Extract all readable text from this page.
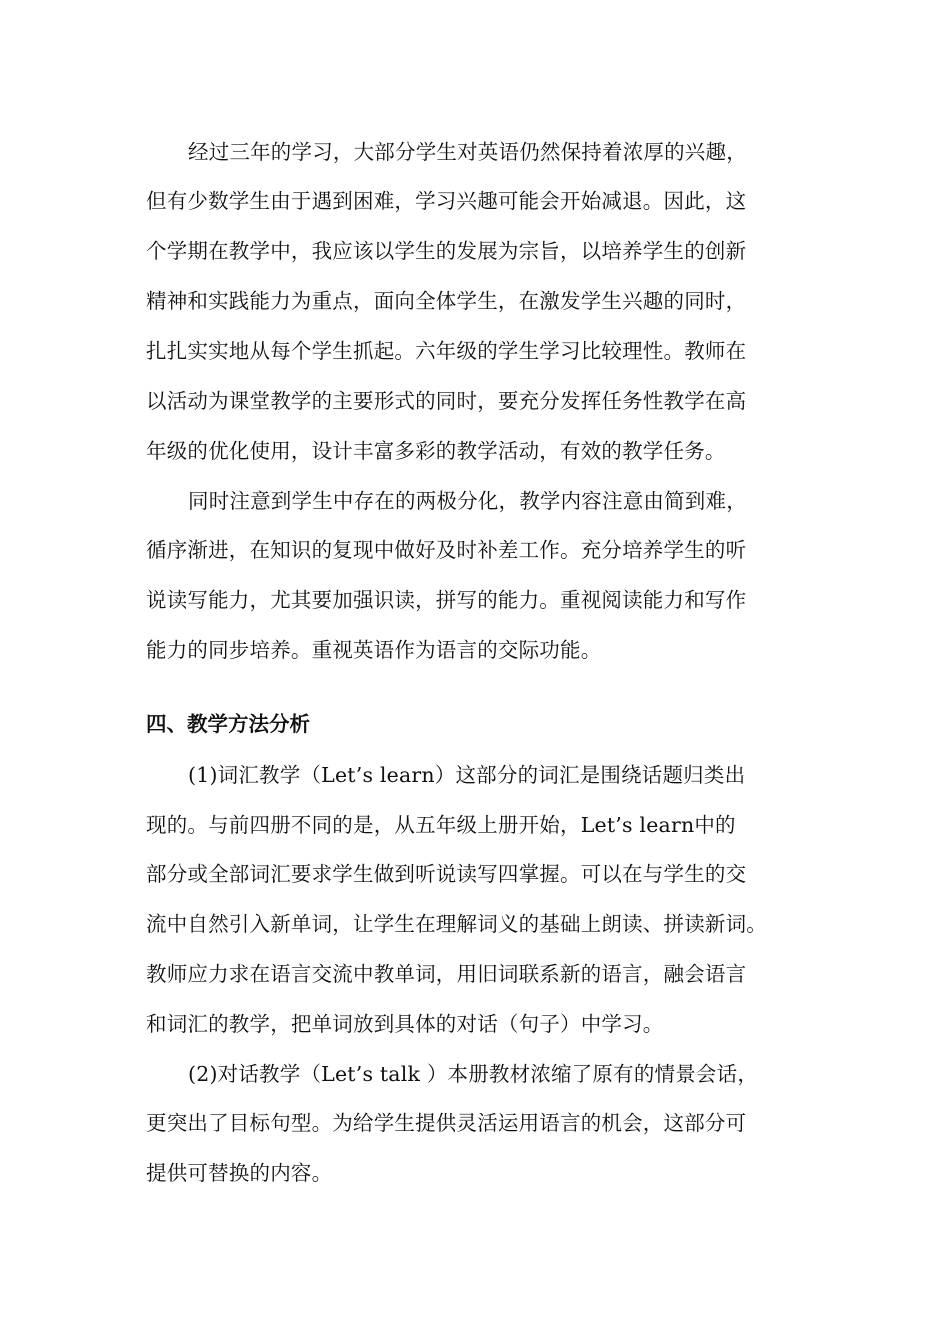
经过三年的学习，大部分学生对英语仍然保持着浓厚的兴趣，
但有少数学生由于遇到困难，学习兴趣可能会开始减退。因此，这
个学期在教学中，我应该以学生的发展为宗旨，以培养学生的创新
精神和实践能力为重点，面向全体学生，在激发学生兴趣的同时，
扎扎实实地从每个学生抓起。六年级的学生学习比较理性。教师在
以活动为课堂教学的主要形式的同时，要充分发挥任务性教学在高
年级的优化使用，设计丰富多彩的教学活动，有效的教学任务。
同时注意到学生中存在的两极分化，教学内容注意由简到难，
循序渐进，在知识的复现中做好及时补差工作。充分培养学生的听
说读写能力，尤其要加强识读，拼写的能力。重视阅读能力和写作
能力的同步培养。重视英语作为语言的交际功能。
四、教学方法分析
(1)词汇教学（Let’s learn）这部分的词汇是围绕话题归类出
现的。与前四册不同的是，从五年级上册开始，Let’s learn中的
部分或全部词汇要求学生做到听说读写四掌握。可以在与学生的交
流中自然引入新单词，让学生在理解词义的基础上朗读、拼读新词。
教师应力求在语言交流中教单词，用旧词联系新的语言，融会语言
和词汇的教学，把单词放到具体的对话（句子）中学习。
(2)对话教学（Let’s talk ）本册教材浓缩了原有的情景会话，
更突出了目标句型。为给学生提供灵活运用语言的机会，这部分可
提供可替换的内容。
